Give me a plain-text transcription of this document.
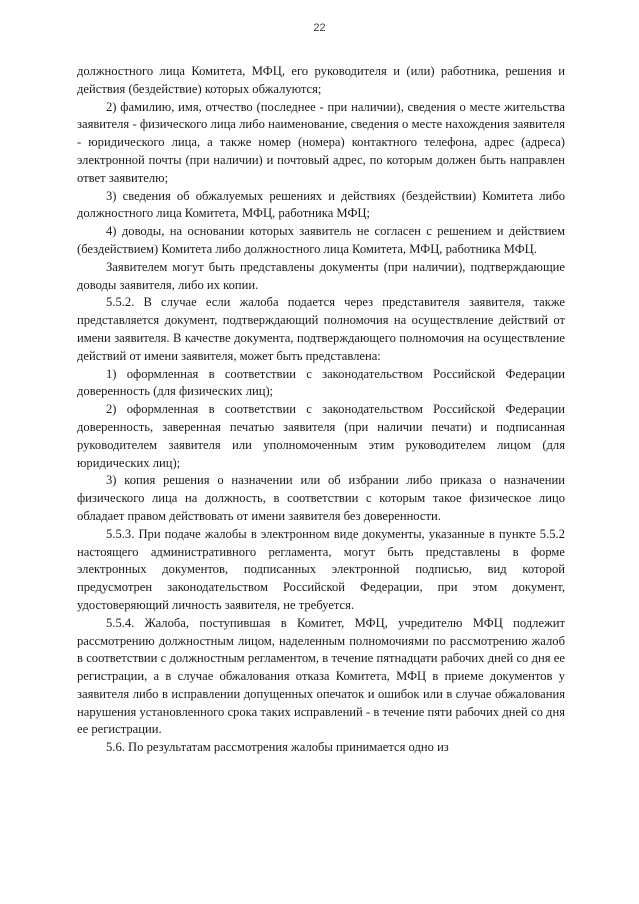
22

должностного лица Комитета, МФЦ, его руководителя и (или) работника, решения и действия (бездействие) которых обжалуются;

2) фамилию, имя, отчество (последнее - при наличии), сведения о месте жительства заявителя - физического лица либо наименование, сведения о месте нахождения заявителя - юридического лица, а также номер (номера) контактного телефона, адрес (адреса) электронной почты (при наличии) и почтовый адрес, по которым должен быть направлен ответ заявителю;

3) сведения об обжалуемых решениях и действиях (бездействии) Комитета либо должностного лица Комитета, МФЦ, работника МФЦ;

4) доводы, на основании которых заявитель не согласен с решением и действием (бездействием) Комитета либо должностного лица Комитета, МФЦ, работника МФЦ.

Заявителем могут быть представлены документы (при наличии), подтверждающие доводы заявителя, либо их копии.

5.5.2. В случае если жалоба подается через представителя заявителя, также представляется документ, подтверждающий полномочия на осуществление действий от имени заявителя. В качестве документа, подтверждающего полномочия на осуществление действий от имени заявителя, может быть представлена:

1) оформленная в соответствии с законодательством Российской Федерации доверенность (для физических лиц);

2) оформленная в соответствии с законодательством Российской Федерации доверенность, заверенная печатью заявителя (при наличии печати) и подписанная руководителем заявителя или уполномоченным этим руководителем лицом (для юридических лиц);

3) копия решения о назначении или об избрании либо приказа о назначении физического лица на должность, в соответствии с которым такое физическое лицо обладает правом действовать от имени заявителя без доверенности.

5.5.3. При подаче жалобы в электронном виде документы, указанные в пункте 5.5.2 настоящего административного регламента, могут быть представлены в форме электронных документов, подписанных электронной подписью, вид которой предусмотрен законодательством Российской Федерации, при этом документ, удостоверяющий личность заявителя, не требуется.

5.5.4. Жалоба, поступившая в Комитет, МФЦ, учредителю МФЦ подлежит рассмотрению должностным лицом, наделенным полномочиями по рассмотрению жалоб в соответствии с должностным регламентом, в течение пятнадцати рабочих дней со дня ее регистрации, а в случае обжалования отказа Комитета, МФЦ в приеме документов у заявителя либо в исправлении допущенных опечаток и ошибок или в случае обжалования нарушения установленного срока таких исправлений - в течение пяти рабочих дней со дня ее регистрации.

5.6. По результатам рассмотрения жалобы принимается одно из
